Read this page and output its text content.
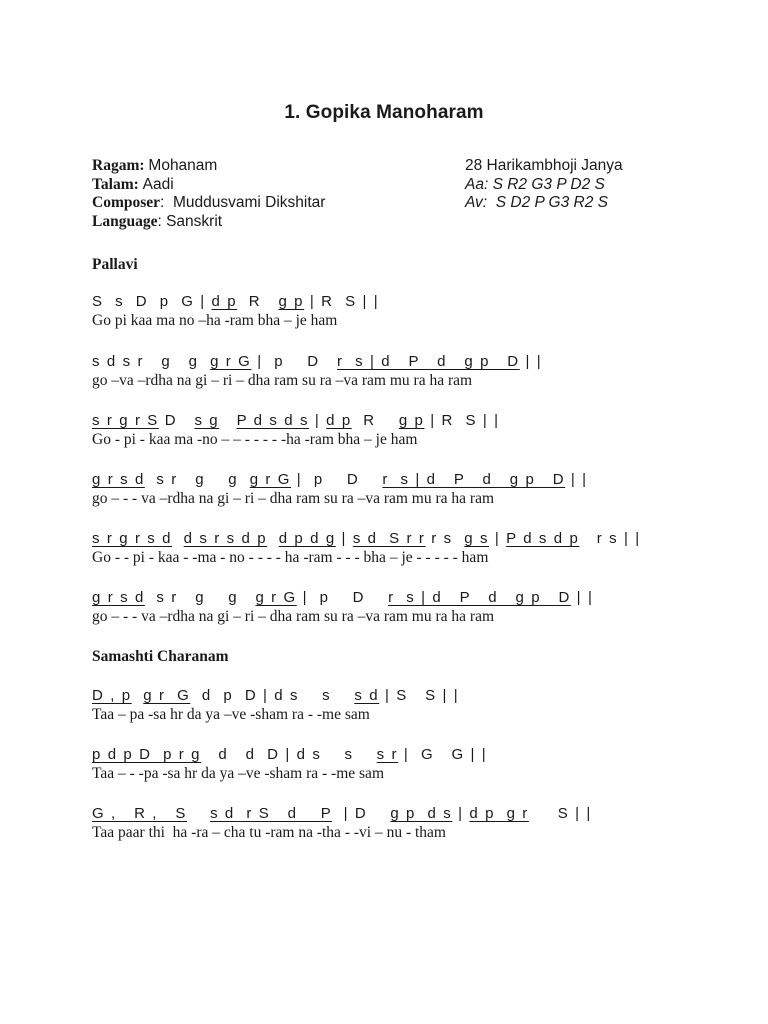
1. Gopika Manoharam
Ragam: Mohanam
Talam: Aadi
Composer:  Muddusvami Dikshitar
Language: Sanskrit
28 Harikambhoji Janya
Aa: S R2 G3 P D2 S
Av:  S D2 P G3 R2 S
Pallavi
S  s  D  p  G | d p  R   g p | R  S | |
Go pi kaa ma no –ha -ram bha – je ham
s d s r   g   g  g r G |  p    D   r  s | d   P   d   g p   D | |
go –va –rdha na gi – ri – dha ram su ra –va ram mu ra ha ram
s r g r S D   s g P d s d s | d p  R    g p | R  S | |
Go - pi - kaa ma -no – – - - - - -ha -ram bha – je ham
g r s d  s r   g    g  g r G |  p    D    r  s | d   P   d   g p   D | |
go – - - va –rdha na gi – ri – dha ram su ra –va ram mu ra ha ram
s r g r s d d s r s d p d p d g | s d  S r r r s  g s | P d s d p   r s | |
Go - - pi - kaa - -ma - no - - - - ha -ram - - - bha – je - - - - - ham
g r s d  s r   g    g   g r G |  p    D    r  s | d   P   d   g p   D | |
go – - - va –rdha na gi – ri – dha ram su ra –va ram mu ra ha ram
Samashti Charanam
D , p g r  G  d  p  D | d s    s    s d | S   S | |
Taa – pa -sa hr da ya –ve -sham ra - -me sam
p d p D  p r g   d   d  D | d s    s    s r |  G   G | |
Taa – - -pa -sa hr da ya –ve -sham ra - -me sam
G ,   R ,   S s d  r S   d    P  | D    g p  d s | d p  g r     S | |
Taa paar thi  ha -ra – cha tu -ram na -tha - -vi – nu - tham
